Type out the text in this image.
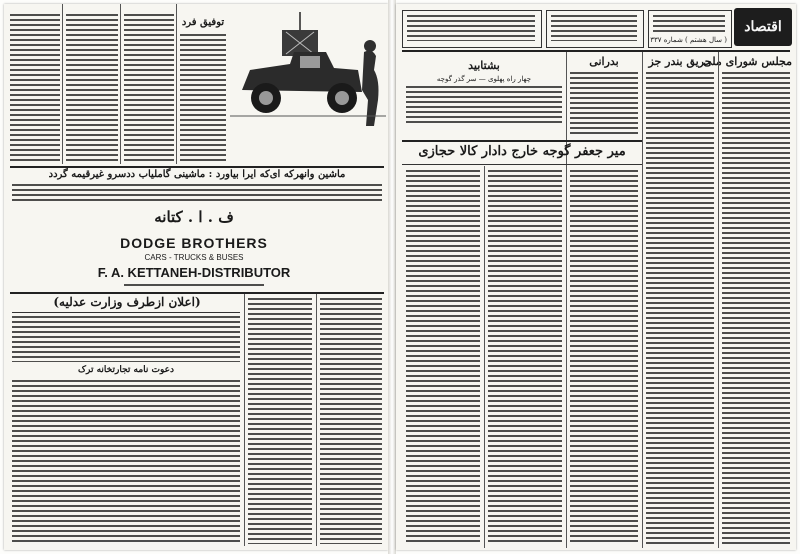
توفیق فرد
ماشین وانهرکه ای‌که ایرا بیاورد : ماشینی گاملیاب ددسرو غیرقیمه گردد
ف . ا . کتانه
DODGE BROTHERS
CARS - TRUCKS & BUSES
F. A. KETTANEH-DISTRIBUTOR
(اعلان ازطرف وزارت عدلیه)
دعوت نامه تجارتخانه ترک
اقتصاد
( سال هشتم ) شماره ۳۳۷
مجلس شورای ملی
حریق بندر جز
بدرانی
بشتابید
چهار راه پهلوی — سر گذر گوچه
میر جعفر گوجه خارج دادار کالا حجازی
